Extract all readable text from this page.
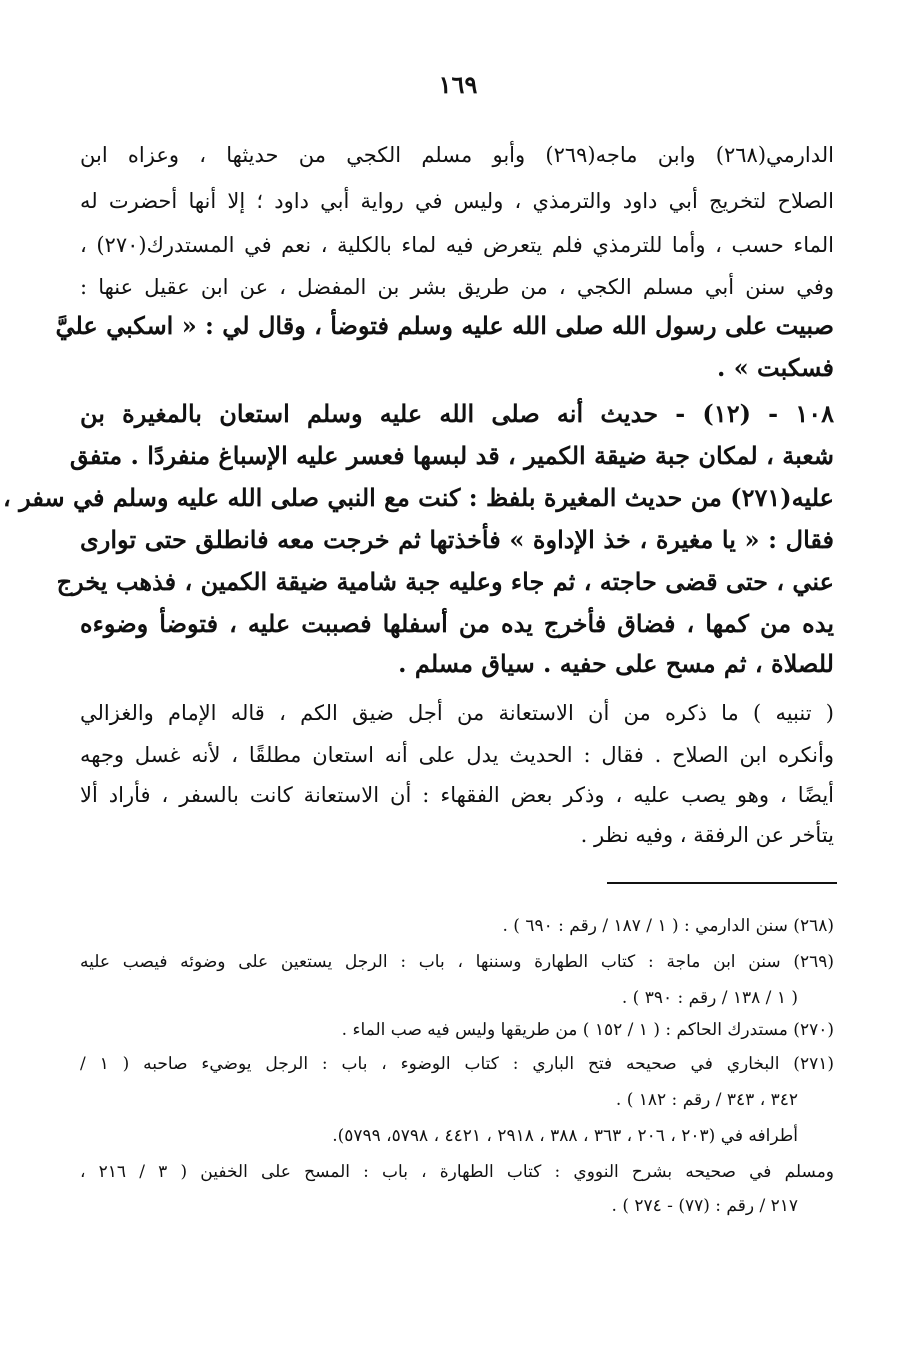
١٦٩
الدارمي(٢٦٨) وابن ماجه(٢٦٩) وأبو مسلم الكجي من حديثها ، وعزاه ابن
الصلاح لتخريج أبي داود والترمذي ، وليس في رواية أبي داود ؛ إلا أنها أحضرت له
الماء حسب ، وأما للترمذي فلم يتعرض فيه لماء بالكلية ، نعم في المستدرك(٢٧٠) ،
وفي سنن أبي مسلم الكجي ، من طريق بشر بن المفضل ، عن ابن عقيل عنها :
صبيت على رسول الله صلى الله عليه وسلم فتوضأ ، وقال لي : « اسكبي عليَّ
فسكبت » .
١٠٨ - (١٢) - حديث أنه صلى الله عليه وسلم استعان بالمغيرة بن
شعبة ، لمكان جبة ضيقة الكمير ، قد لبسها فعسر عليه الإسباغ منفردًا . متفق
عليه(٢٧١) من حديث المغيرة بلفظ : كنت مع النبي صلى الله عليه وسلم في سفر ،
فقال : « يا مغيرة ، خذ الإداوة » فأخذتها ثم خرجت معه فانطلق حتى توارى
عني ، حتى قضى حاجته ، ثم جاء وعليه جبة شامية ضيقة الكمين ، فذهب يخرج
يده من كمها ، فضاق فأخرج يده من أسفلها فصببت عليه ، فتوضأ وضوءه
للصلاة ، ثم مسح على حفيه . سياق مسلم .
( تنبيه ) ما ذكره من أن الاستعانة من أجل ضيق الكم ، قاله الإمام والغزالي
وأنكره ابن الصلاح . فقال : الحديث يدل على أنه استعان مطلقًا ، لأنه غسل وجهه
أيضًا ، وهو يصب عليه ، وذكر بعض الفقهاء : أن الاستعانة كانت بالسفر ، فأراد ألا
يتأخر عن الرفقة ، وفيه نظر .
(٢٦٨) سنن الدارمي : ( ١ / ١٨٧ / رقم : ٦٩٠ ) .
(٢٦٩) سنن ابن ماجة : كتاب الطهارة وسننها ، باب : الرجل يستعين على وضوئه فيصب عليه
( ١ / ١٣٨ / رقم : ٣٩٠ ) .
(٢٧٠) مستدرك الحاكم : ( ١ / ١٥٢ ) من طريقها وليس فيه صب الماء .
(٢٧١) البخاري في صحيحه فتح الباري : كتاب الوضوء ، باب : الرجل يوضيء صاحبه ( ١ /
٣٤٢ ، ٣٤٣ / رقم : ١٨٢ ) .
أطرافه في (٢٠٣ ، ٢٠٦ ، ٣٦٣ ، ٣٨٨ ، ٢٩١٨ ، ٤٤٢١ ، ٥٧٩٨، ٥٧٩٩).
ومسلم في صحيحه بشرح النووي : كتاب الطهارة ، باب : المسح على الخفين ( ٣ / ٢١٦ ،
٢١٧ / رقم : (٧٧) - ٢٧٤ ) .
